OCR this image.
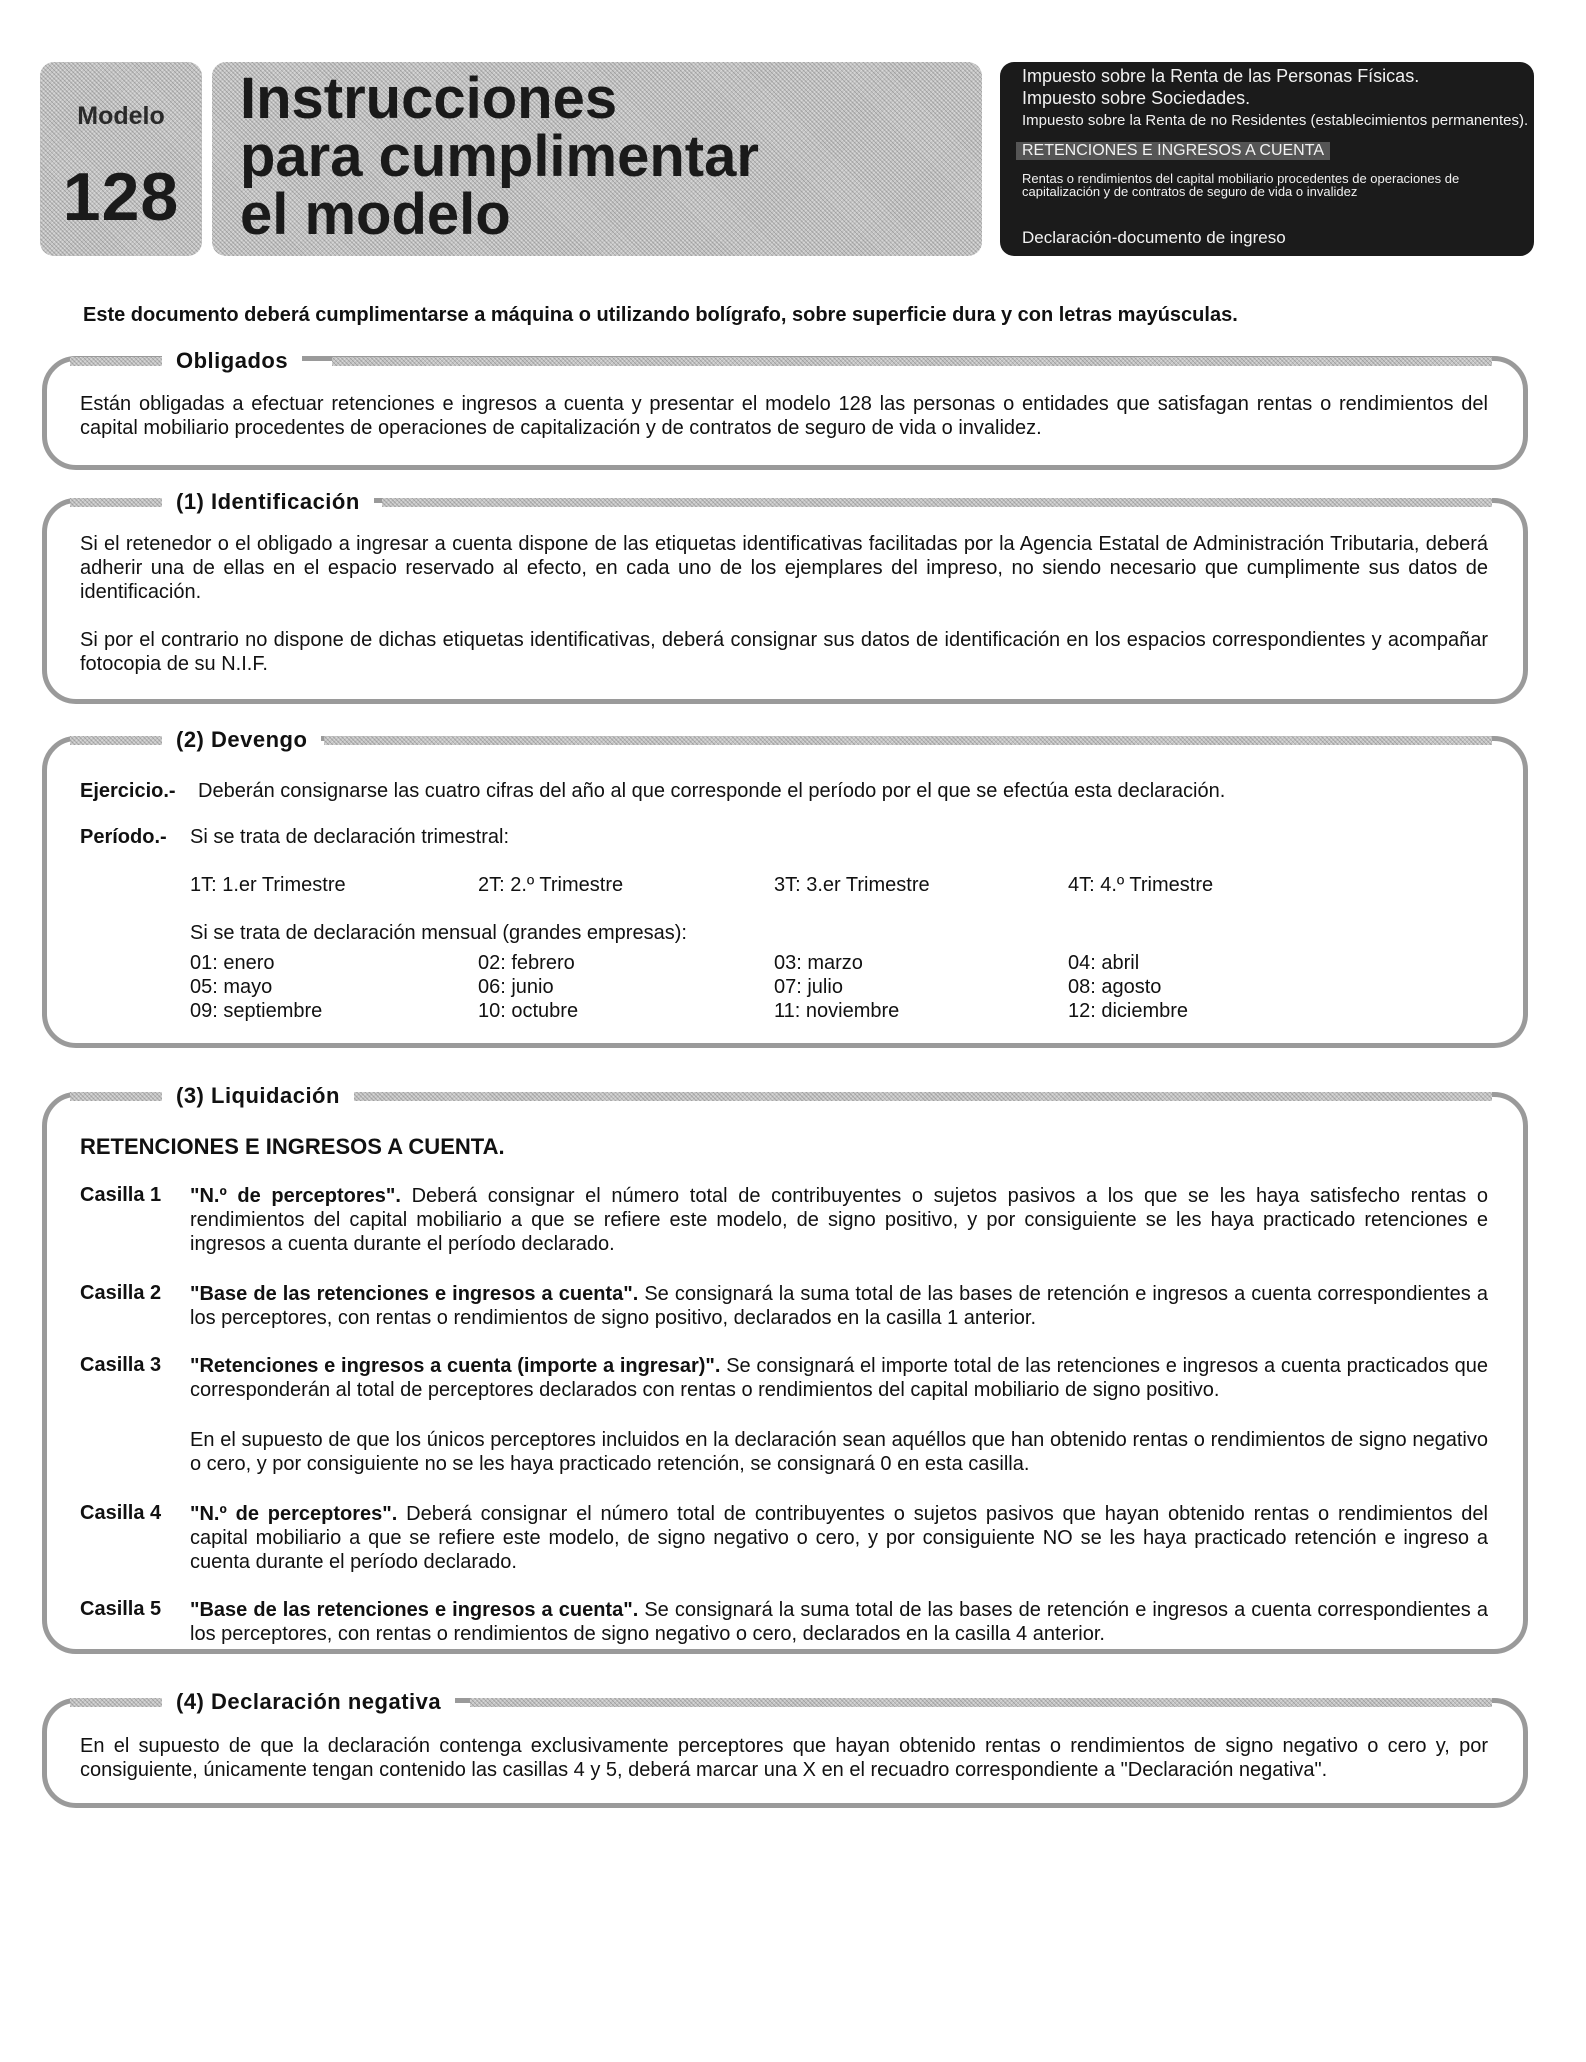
Modelo
128
Instrucciones
para cumplimentar
el modelo
Impuesto sobre la Renta de las Personas Físicas.
Impuesto sobre Sociedades.
Impuesto sobre la Renta de no Residentes (establecimientos permanentes).
RETENCIONES E INGRESOS A CUENTA
Rentas o rendimientos del capital mobiliario procedentes de operaciones de capitalización y de contratos de seguro de vida o invalidez
Declaración-documento de ingreso
Este documento deberá cumplimentarse a máquina o utilizando bolígrafo, sobre superficie dura y con letras mayúsculas.
Obligados
Están obligadas a efectuar retenciones e ingresos a cuenta y presentar el modelo 128 las personas o entidades que satisfagan rentas o rendimientos del capital mobiliario procedentes de operaciones de capitalización y de contratos de seguro de vida o invalidez.
(1) Identificación
Si el retenedor o el obligado a ingresar a cuenta dispone de las etiquetas identificativas facilitadas por la Agencia Estatal de Administración Tributaria, deberá adherir una de ellas en el espacio reservado al efecto, en cada uno de los ejemplares del impreso, no siendo necesario que cumplimente sus datos de identificación.
Si por el contrario no dispone de dichas etiquetas identificativas, deberá consignar sus datos de identificación en los espacios correspondientes y acompañar fotocopia de su N.I.F.
(2) Devengo
Ejercicio.- Deberán consignarse las cuatro cifras del año al que corresponde el período por el que se efectúa esta declaración.
Período.- Si se trata de declaración trimestral:
1T: 1.er Trimestre	2T: 2.º Trimestre	3T: 3.er Trimestre	4T: 4.º Trimestre
Si se trata de declaración mensual (grandes empresas):
01: enero	02: febrero	03: marzo	04: abril
05: mayo	06: junio	07: julio	08: agosto
09: septiembre	10: octubre	11: noviembre	12: diciembre
(3) Liquidación
RETENCIONES E INGRESOS A CUENTA.
Casilla 1 "N.º de perceptores". Deberá consignar el número total de contribuyentes o sujetos pasivos a los que se les haya satisfecho rentas o rendimientos del capital mobiliario a que se refiere este modelo, de signo positivo, y por consiguiente se les haya practicado retenciones e ingresos a cuenta durante el período declarado.
Casilla 2 "Base de las retenciones e ingresos a cuenta". Se consignará la suma total de las bases de retención e ingresos a cuenta correspondientes a los perceptores, con rentas o rendimientos de signo positivo, declarados en la casilla 1 anterior.
Casilla 3 "Retenciones e ingresos a cuenta (importe a ingresar)". Se consignará el importe total de las retenciones e ingresos a cuenta practicados que corresponderán al total de perceptores declarados con rentas o rendimientos del capital mobiliario de signo positivo.
En el supuesto de que los únicos perceptores incluidos en la declaración sean aquéllos que han obtenido rentas o rendimientos de signo negativo o cero, y por consiguiente no se les haya practicado retención, se consignará 0 en esta casilla.
Casilla 4 "N.º de perceptores". Deberá consignar el número total de contribuyentes o sujetos pasivos que hayan obtenido rentas o rendimientos del capital mobiliario a que se refiere este modelo, de signo negativo o cero, y por consiguiente NO se les haya practicado retención e ingreso a cuenta durante el período declarado.
Casilla 5 "Base de las retenciones e ingresos a cuenta". Se consignará la suma total de las bases de retención e ingresos a cuenta correspondientes a los perceptores, con rentas o rendimientos de signo negativo o cero, declarados en la casilla 4 anterior.
(4) Declaración negativa
En el supuesto de que la declaración contenga exclusivamente perceptores que hayan obtenido rentas o rendimientos de signo negativo o cero y, por consiguiente, únicamente tengan contenido las casillas 4 y 5, deberá marcar una X en el recuadro correspondiente a "Declaración negativa".
